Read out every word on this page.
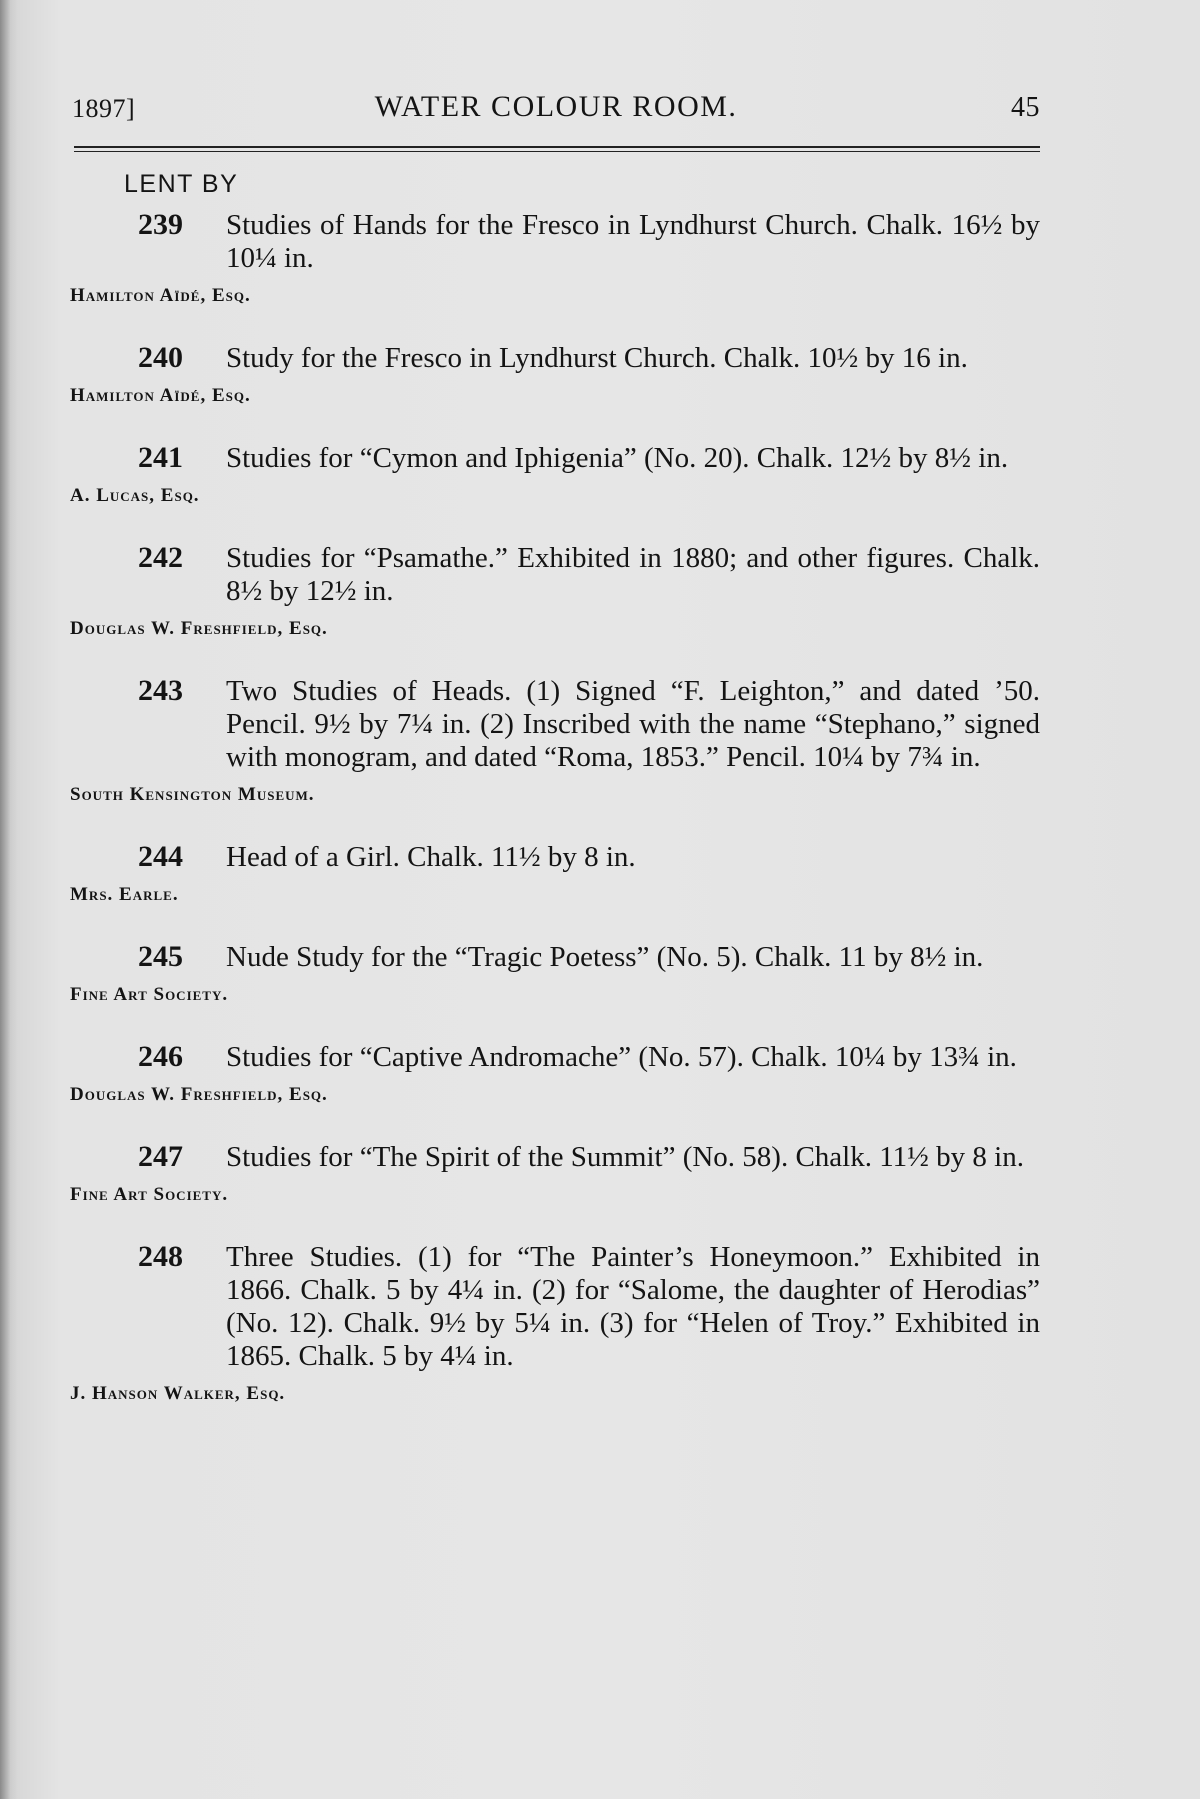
1897]	WATER COLOUR ROOM.	45
LENT BY
239 Studies of Hands for the Fresco in Lyndhurst Church. Chalk. 16½ by 10¼ in.
Hamilton Aïdé, Esq.
240 Study for the Fresco in Lyndhurst Church. Chalk. 10½ by 16 in.
Hamilton Aïdé, Esq.
241 Studies for “Cymon and Iphigenia” (No. 20). Chalk. 12½ by 8½ in.
A. Lucas, Esq.
242 Studies for “Psamathe.” Exhibited in 1880; and other figures. Chalk. 8½ by 12½ in.
Douglas W. Freshfield, Esq.
243 Two Studies of Heads. (1) Signed “F. Leighton,” and dated ’50. Pencil. 9½ by 7¼ in. (2) Inscribed with the name “Stephano,” signed with monogram, and dated “Roma, 1853.” Pencil. 10¼ by 7¾ in.
South Kensington Museum.
244 Head of a Girl. Chalk. 11½ by 8 in.
Mrs. Earle.
245 Nude Study for the “Tragic Poetess” (No. 5). Chalk. 11 by 8½ in.
Fine Art Society.
246 Studies for “Captive Andromache” (No. 57). Chalk. 10¼ by 13¾ in.
Douglas W. Freshfield, Esq.
247 Studies for “The Spirit of the Summit” (No. 58). Chalk. 11½ by 8 in.
Fine Art Society.
248 Three Studies. (1) for “The Painter’s Honeymoon.” Exhibited in 1866. Chalk. 5 by 4¼ in. (2) for “Salome, the daughter of Herodias” (No. 12). Chalk. 9½ by 5¼ in. (3) for “Helen of Troy.” Exhibited in 1865. Chalk. 5 by 4¼ in.
J. Hanson Walker, Esq.
